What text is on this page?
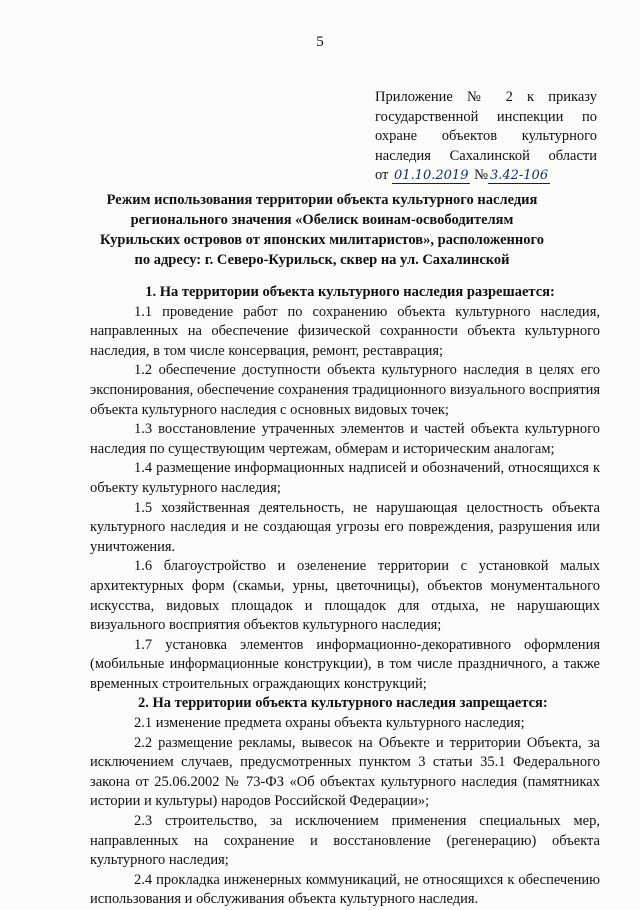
5
Приложение № 2 к приказу
государственной инспекции по
охране объектов культурного
наследия Сахалинской области
от 01.10.2019 № 3.42-106
Режим использования территории объекта культурного наследия регионального значения «Обелиск воинам-освободителям Курильских островов от японских милитаристов», расположенного по адресу: г. Северо-Курильск, сквер на ул. Сахалинской

1. На территории объекта культурного наследия разрешается:

1.1 проведение работ по сохранению объекта культурного наследия, направленных на обеспечение физической сохранности объекта культурного наследия, в том числе консервация, ремонт, реставрация;

1.2 обеспечение доступности объекта культурного наследия в целях его экспонирования, обеспечение сохранения традиционного визуального восприятия объекта культурного наследия с основных видовых точек;

1.3 восстановление утраченных элементов и частей объекта культурного наследия по существующим чертежам, обмерам и историческим аналогам;

1.4 размещение информационных надписей и обозначений, относящихся к объекту культурного наследия;

1.5 хозяйственная деятельность, не нарушающая целостность объекта культурного наследия и не создающая угрозы его повреждения, разрушения или уничтожения.

1.6 благоустройство и озеленение территории с установкой малых архитектурных форм (скамьи, урны, цветочницы), объектов монументального искусства, видовых площадок и площадок для отдыха, не нарушающих визуального восприятия объектов культурного наследия;

1.7 установка элементов информационно-декоративного оформления (мобильные информационные конструкции), в том числе праздничного, а также временных строительных ограждающих конструкций;

2. На территории объекта культурного наследия запрещается:

2.1 изменение предмета охраны объекта культурного наследия;

2.2 размещение рекламы, вывесок на Объекте и территории Объекта, за исключением случаев, предусмотренных пунктом 3 статьи 35.1 Федерального закона от 25.06.2002 № 73-ФЗ «Об объектах культурного наследия (памятниках истории и культуры) народов Российской Федерации»;

2.3 строительство, за исключением применения специальных мер, направленных на сохранение и восстановление (регенерацию) объекта культурного наследия;

2.4 прокладка инженерных коммуникаций, не относящихся к обеспечению использования и обслуживания объекта культурного наследия.
